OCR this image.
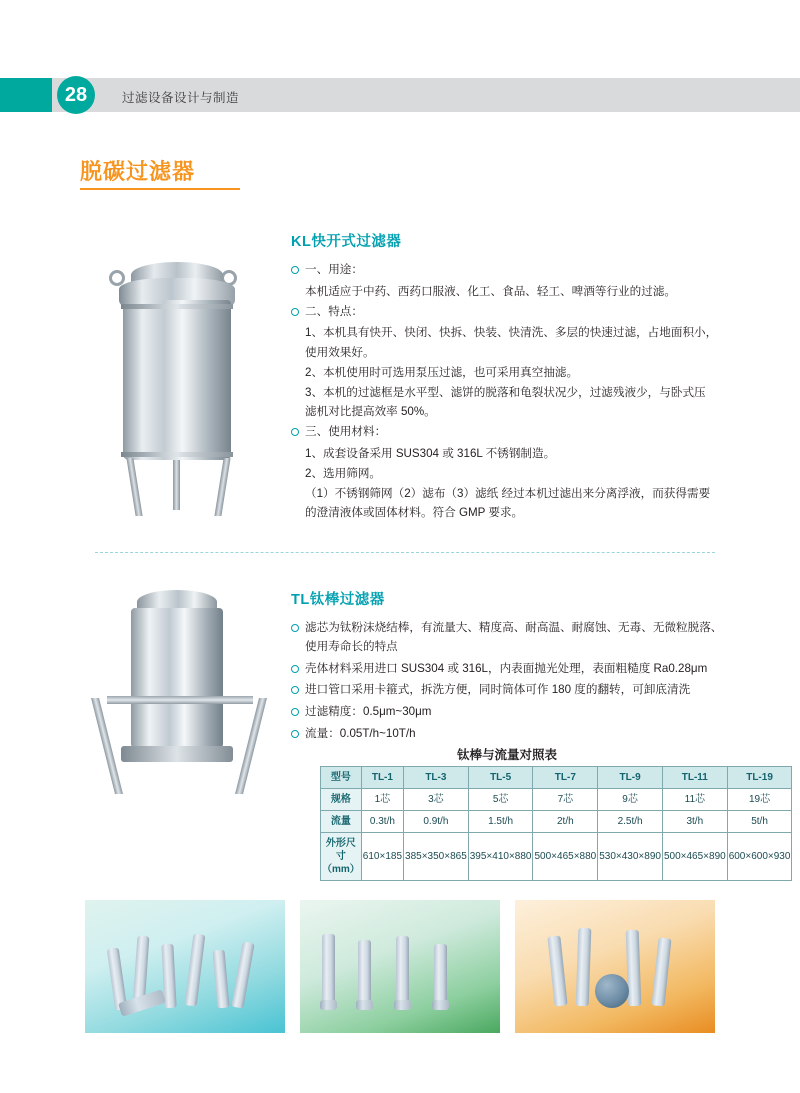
28	过滤设备设计与制造
脱碳过滤器
KL快开式过滤器
一、用途：
本机适应于中药、西药口服液、化工、食品、轻工、啤酒等行业的过滤。
二、特点：
1、本机具有快开、快闭、快拆、快装、快清洗、多层的快速过滤，占地面积小，
使用效果好。
2、本机使用时可选用泵压过滤，也可采用真空抽滤。
3、本机的过滤框是水平型、滤饼的脱落和龟裂状况少，过滤残液少，与卧式压
滤机对比提高效率 50%。
三、使用材料：
1、成套设备采用 SUS304 或 316L 不锈钢制造。
2、选用筛网。
（1）不锈钢筛网（2）滤布（3）滤纸 经过本机过滤出来分离浮液，而获得需要
的澄清液体或固体材料。符合 GMP 要求。
TL钛棒过滤器
滤芯为钛粉沫烧结棒，有流量大、精度高、耐高温、耐腐蚀、无毒、无微粒脱落、使用寿命长的特点
壳体材料采用进口 SUS304 或 316L，内表面抛光处理，表面粗糙度 Ra0.28μm
进口管口采用卡箍式，拆洗方便，同时筒体可作 180 度的翻转，可卸底清洗
过滤精度：0.5μm~30μm
流量：0.05T/h~10T/h
钛棒与流量对照表
型号	TL-1	TL-3	TL-5	TL-7	TL-9	TL-11	TL-19
规格	1芯	3芯	5芯	7芯	9芯	11芯	19芯
流量	0.3t/h	0.9t/h	1.5t/h	2t/h	2.5t/h	3t/h	5t/h
外形尺寸（mm）	610×185	385×350×865	395×410×880	500×465×880	530×430×890	500×465×890	600×600×930
